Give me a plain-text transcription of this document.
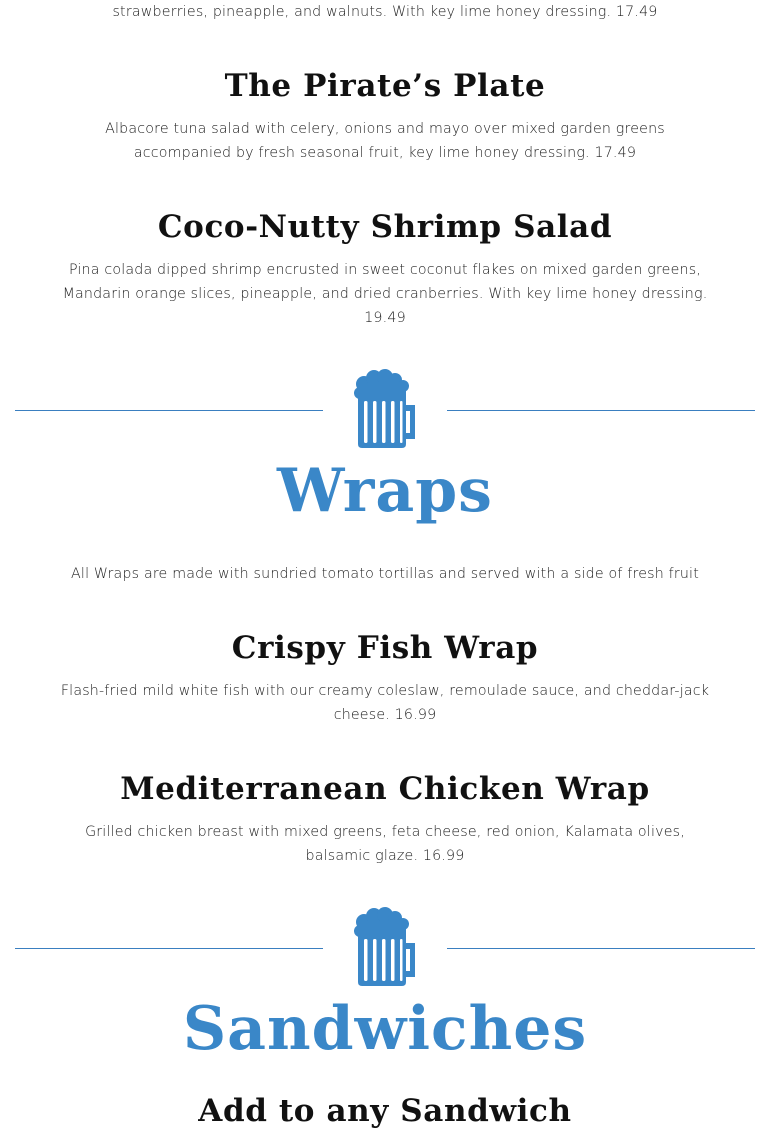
strawberries, pineapple, and walnuts. With key lime honey dressing. 17.49
The Pirate’s Plate
Albacore tuna salad with celery, onions and mayo over mixed garden greens
accompanied by fresh seasonal fruit, key lime honey dressing. 17.49
Coco-Nutty Shrimp Salad
Pina colada dipped shrimp encrusted in sweet coconut flakes on mixed garden greens,
Mandarin orange slices, pineapple, and dried cranberries. With key lime honey dressing.
19.49
Wraps
All Wraps are made with sundried tomato tortillas and served with a side of fresh fruit
Crispy Fish Wrap
Flash-fried mild white fish with our creamy coleslaw, remoulade sauce, and cheddar-jack
cheese. 16.99
Mediterranean Chicken Wrap
Grilled chicken breast with mixed greens, feta cheese, red onion, Kalamata olives,
balsamic glaze. 16.99
Sandwiches
Add to any Sandwich
